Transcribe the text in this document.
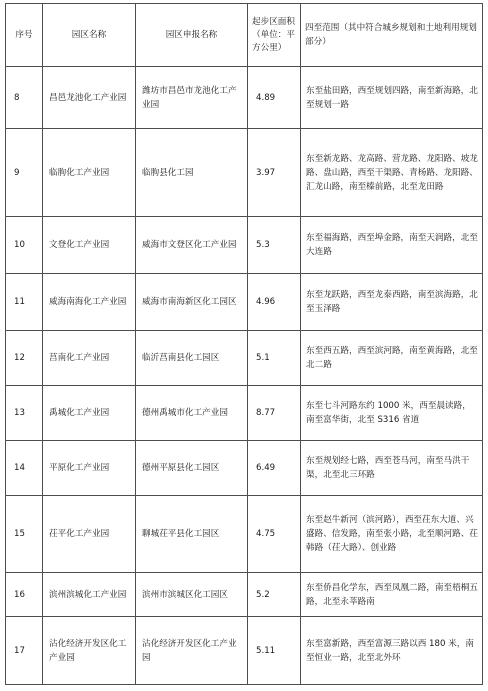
序号	园区名称	园区申报名称	起步区面积（单位：平方公里）	四至范围（其中符合城乡规划和土地利用规划部分）
8	昌邑龙池化工产业园	潍坊市昌邑市龙池化工产业园	4.89	东至盐田路，西至规划四路，南至新海路，北至规划一路
9	临朐化工产业园	临朐县化工园	3.97	东至新龙路、龙高路、营龙路、龙阳路、坡龙路、盘山路，西至干渠路、青杨路、龙阳路、汇龙山路，南至榛前路，北至龙田路
10	文登化工产业园	威海市文登区化工产业园	5.3	东至福海路，西至埠金路，南至天润路，北至大连路
11	威海南海化工产业园	威海市南海新区化工园区	4.96	东至龙跃路，西至龙泰西路，南至滨海路，北至玉泽路
12	莒南化工产业园	临沂莒南县化工园区	5.1	东至西五路，西至滨河路，南至黄海路，北至北二路
13	禹城化工产业园	德州禹城市化工产业园	8.77	东至七斗河路东约 1000 米，西至晨读路，南至富华街，北至 S316 省道
14	平原化工产业园	德州平原县化工园区	6.49	东至规划经七路，西至苍马河，南至马洪干渠，北至北三环路
15	茌平化工产业园	聊城茌平县化工园区	4.75	东至赵牛新河（滨河路），西至茌东大道、兴盛路、信发路，南至张小路，北至顺河路、茌韩路（茌大路）、创业路
16	滨州滨城化工产业园	滨州市滨城区化工园区	5.2	东至侨昌化学东，西至凤凰二路，南至梧桐五路，北至永莘路南
17	沾化经济开发区化工产业园	沾化经济开发区化工产业园	5.11	东至富新路，西至富源三路以西 180 米，南至恒业一路，北至北外环
